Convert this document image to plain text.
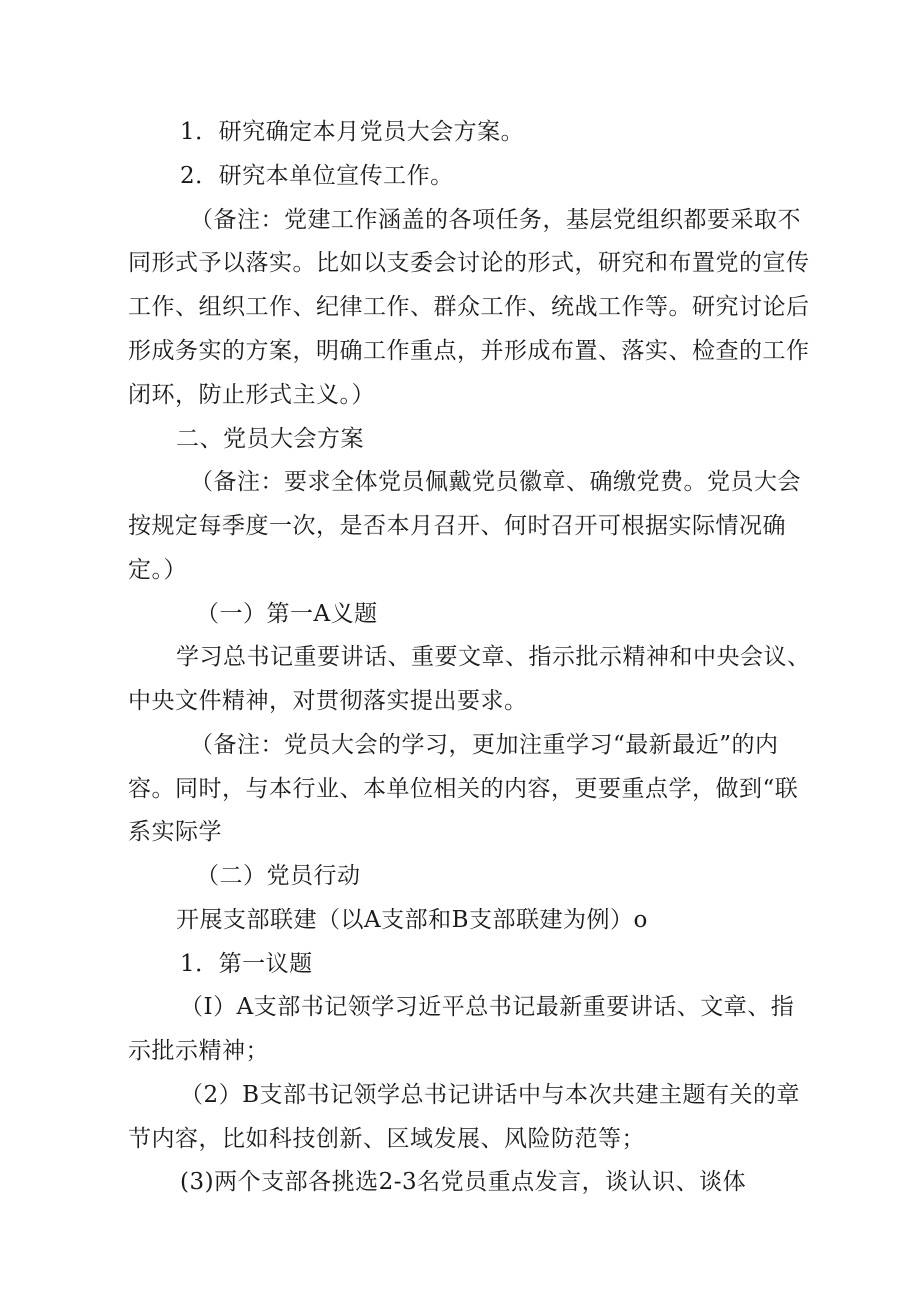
1．研究确定本月党员大会方案。
2．研究本单位宣传工作。
（备注：党建工作涵盖的各项任务，基层党组织都要采取不
同形式予以落实。比如以支委会讨论的形式，研究和布置党的宣传
工作、组织工作、纪律工作、群众工作、统战工作等。研究讨论后
形成务实的方案，明确工作重点，并形成布置、落实、检查的工作
闭环，防止形式主义。）
二、党员大会方案
（备注：要求全体党员佩戴党员徽章、确缴党费。党员大会
按规定每季度一次，是否本月召开、何时召开可根据实际情况确
定。）
（一）第一A义题
学习总书记重要讲话、重要文章、指示批示精神和中央会议、
中央文件精神，对贯彻落实提出要求。
（备注：党员大会的学习，更加注重学习“最新最近”的内
容。同时，与本行业、本单位相关的内容，更要重点学，做到“联
系实际学
（二）党员行动
开展支部联建（以A支部和B支部联建为例）o
1．第一议题
（I）A支部书记领学习近平总书记最新重要讲话、文章、指
示批示精神；
（2）B支部书记领学总书记讲话中与本次共建主题有关的章
节内容，比如科技创新、区域发展、风险防范等；
(3)两个支部各挑选2-3名党员重点发言，谈认识、谈体
